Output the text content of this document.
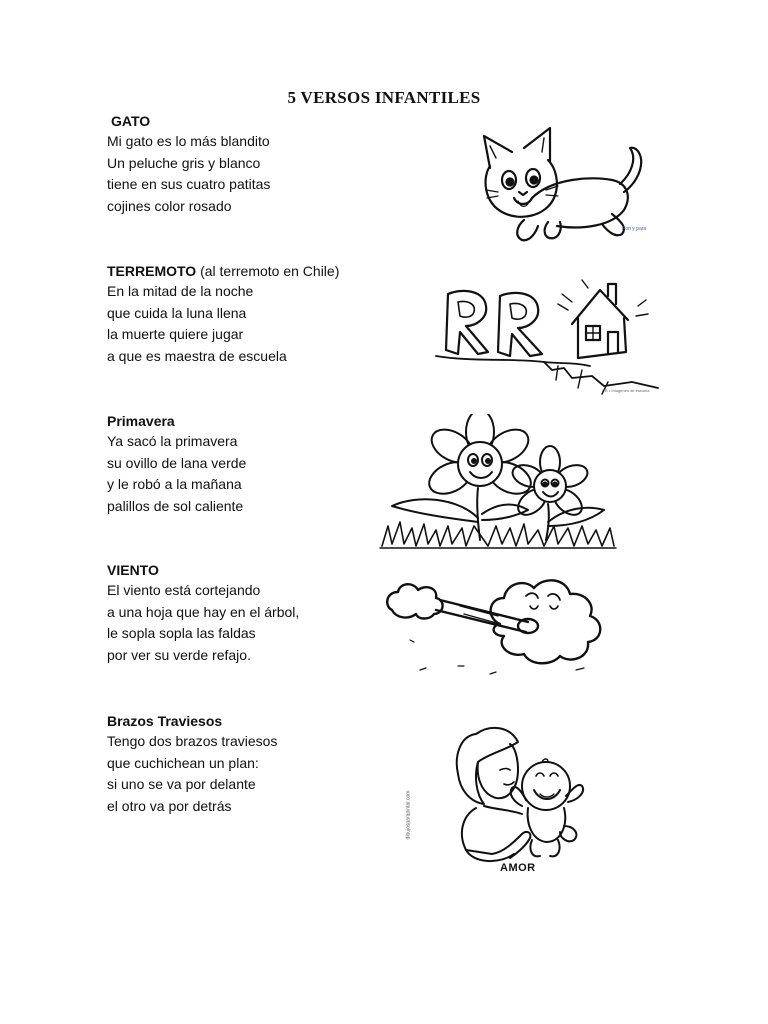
5 VERSOS INFANTILES
GATO
Mi gato es lo más blandito
Un peluche gris y blanco
tiene en sus cuatro patitas
cojines color rosado
TERREMOTO (al terremoto en Chile)
En la mitad de la noche
que cuida la luna llena
la muerte quiere jugar
a que es maestra de escuela
Primavera
Ya sacó la primavera
su ovillo de lana verde
y le robó a la mañana
palillos de sol caliente
VIENTO
El viento está cortejando
a una hoja que hay en el árbol,
le sopla sopla las faldas
por ver su verde refajo.
Brazos Traviesos
Tengo dos brazos traviesos
que cuchichean un plan:
si uno se va por delante
el otro va por detrás
Pon y para
RR • Imagenes de escuela
AMOR
dibujosparapintar.com
